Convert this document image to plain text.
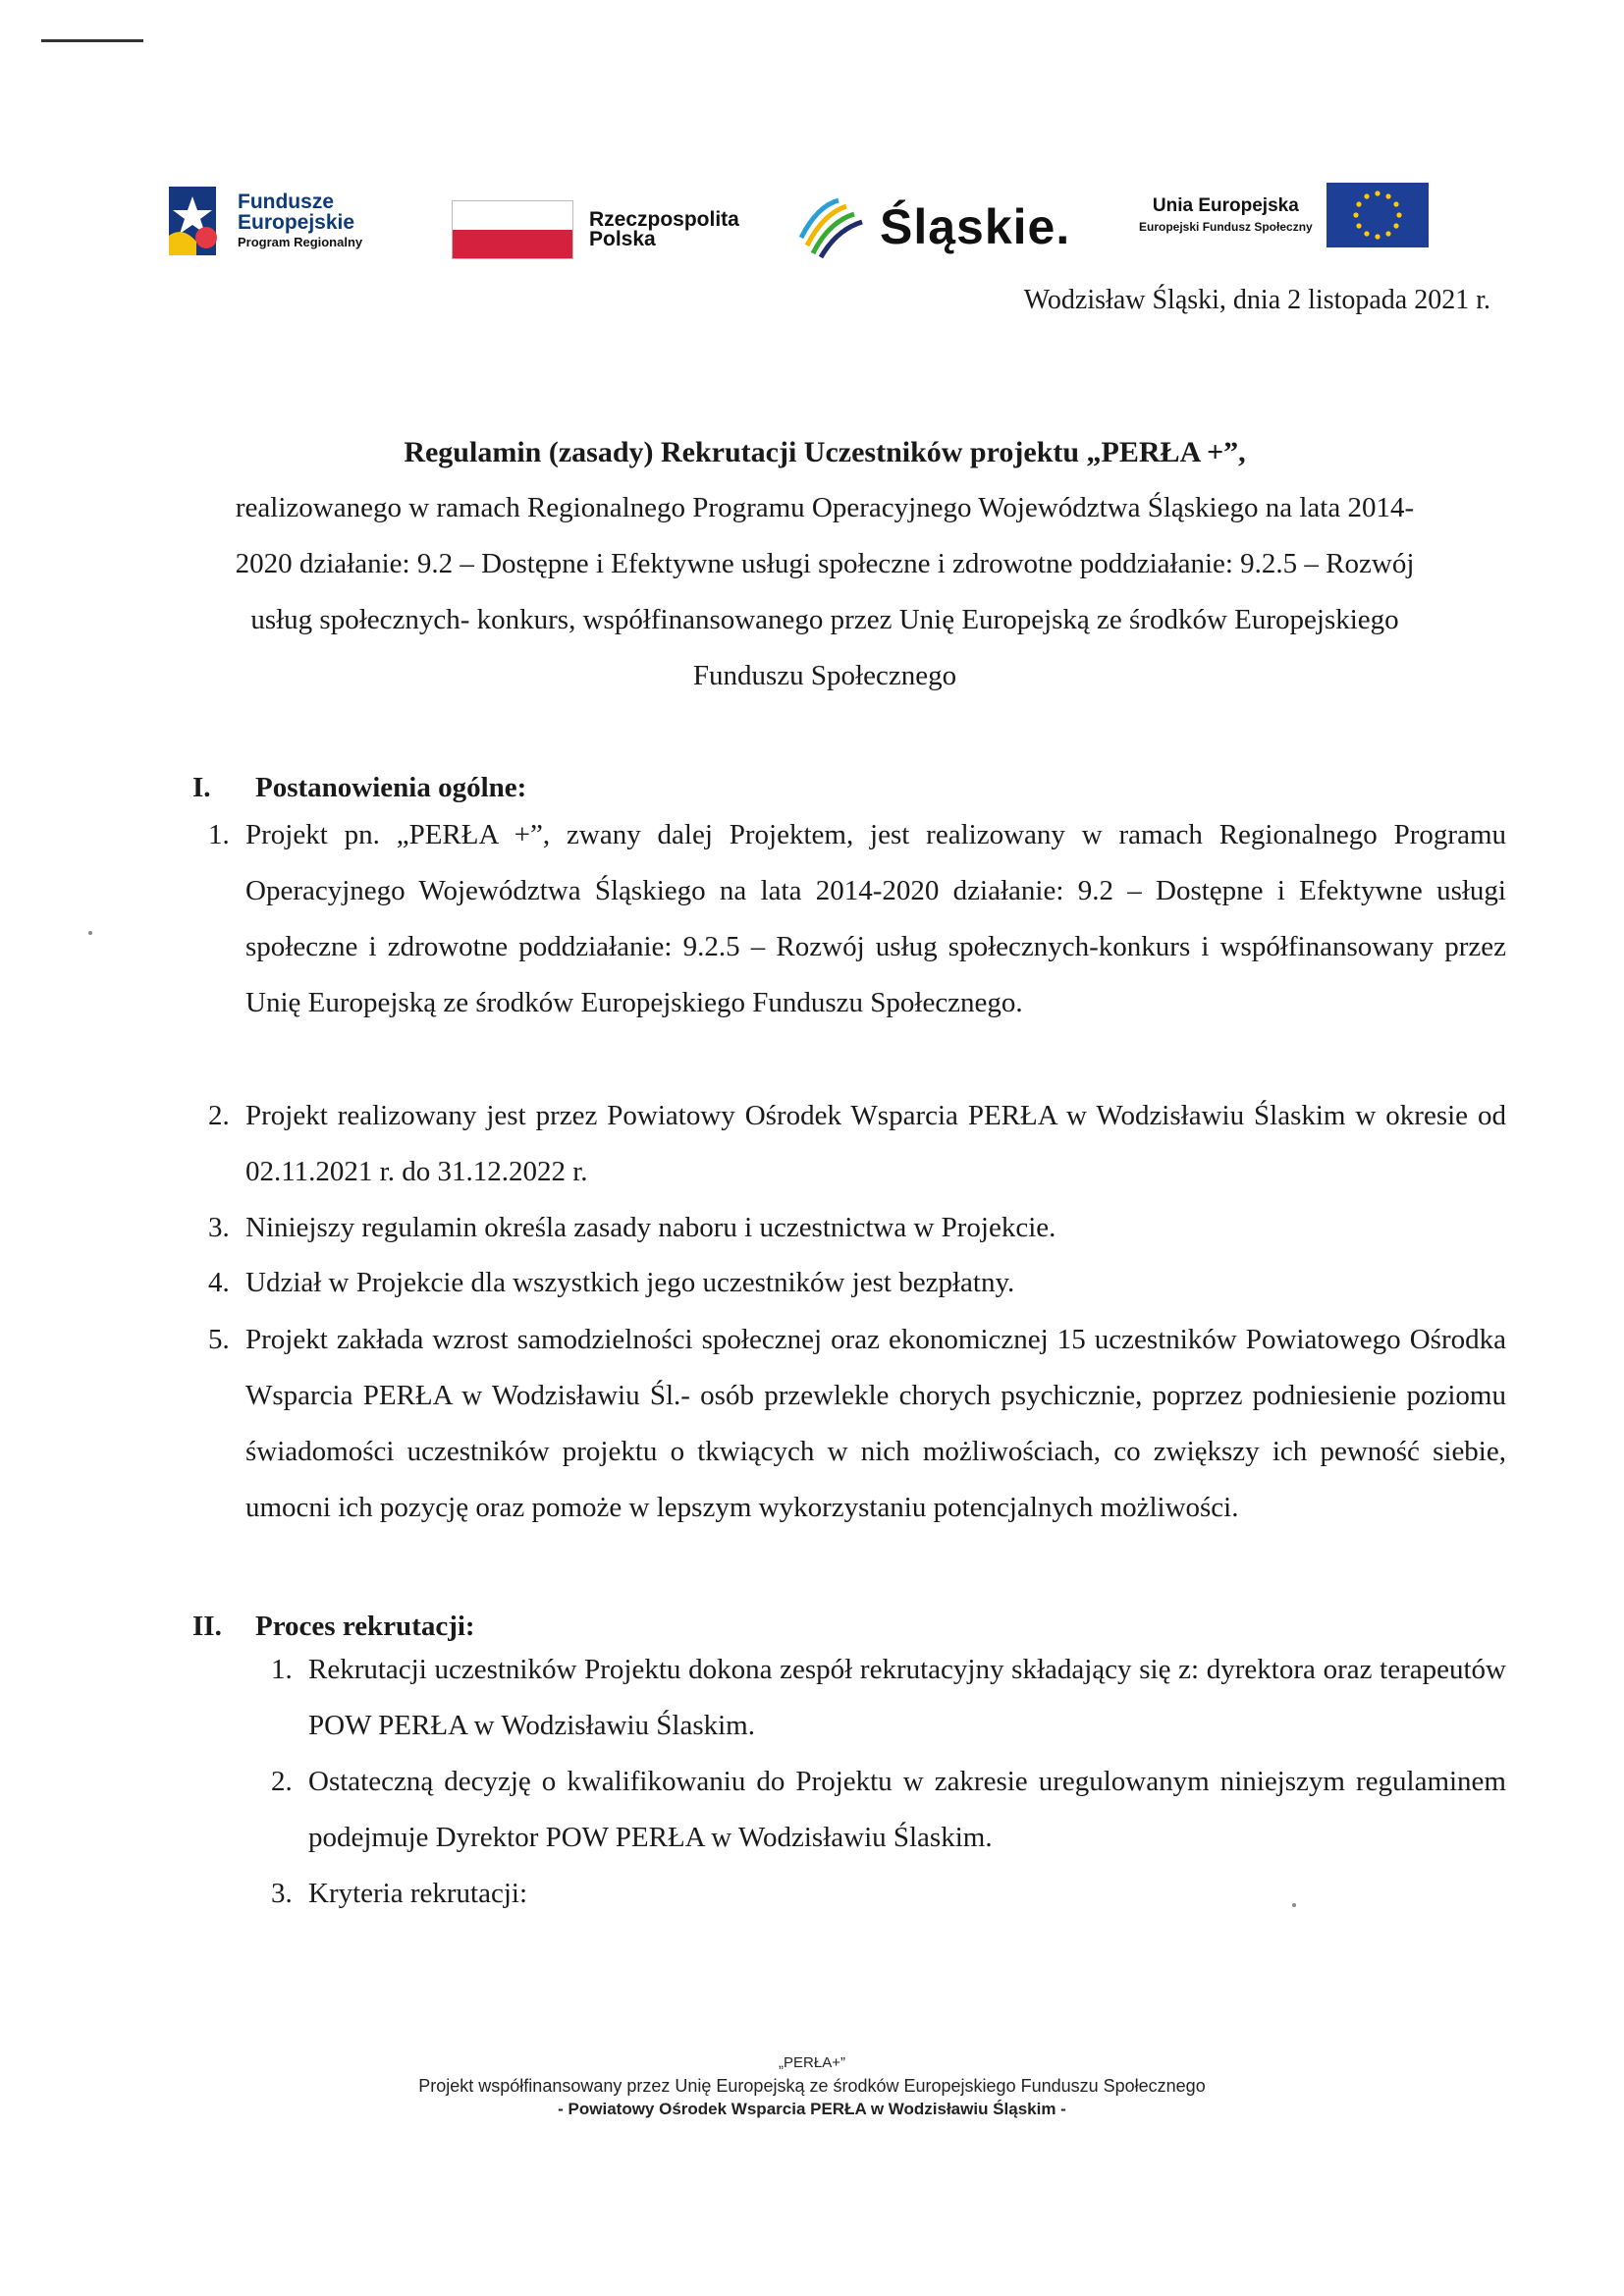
Fundusze
Europejskie
Program Regionalny
Rzeczpospolita
Polska	Śląskie.	Unia Europejska
Europejski Fundusz Społeczny
Wodzisław Śląski, dnia 2 listopada 2021 r.
Regulamin (zasady) Rekrutacji Uczestników projektu „PERŁA +”,
realizowanego w ramach Regionalnego Programu Operacyjnego Województwa Śląskiego na lata 2014-
2020 działanie: 9.2 – Dostępne i Efektywne usługi społeczne i zdrowotne poddziałanie: 9.2.5 – Rozwój
usług społecznych- konkurs, współfinansowanego przez Unię Europejską ze środków Europejskiego
Funduszu Społecznego
I.	Postanowienia ogólne:
1. Projekt pn. „PERŁA +”, zwany dalej Projektem, jest realizowany w ramach Regionalnego Programu Operacyjnego Województwa Śląskiego na lata 2014-2020 działanie: 9.2 – Dostępne i Efektywne usługi społeczne i zdrowotne poddziałanie: 9.2.5 – Rozwój usług społecznych-konkurs i współfinansowany przez Unię Europejską ze środków Europejskiego Funduszu Społecznego.
2. Projekt realizowany jest przez Powiatowy Ośrodek Wsparcia PERŁA w Wodzisławiu Ślaskim w okresie od 02.11.2021 r. do 31.12.2022 r.
3. Niniejszy regulamin określa zasady naboru i uczestnictwa w Projekcie.
4. Udział w Projekcie dla wszystkich jego uczestników jest bezpłatny.
5. Projekt zakłada wzrost samodzielności społecznej oraz ekonomicznej 15 uczestników Powiatowego Ośrodka Wsparcia PERŁA w Wodzisławiu Śl.- osób przewlekle chorych psychicznie, poprzez podniesienie poziomu świadomości uczestników projektu o tkwiących w nich możliwościach, co zwiększy ich pewność siebie, umocni ich pozycję oraz pomoże w lepszym wykorzystaniu potencjalnych możliwości.
II.	Proces rekrutacji:
1. Rekrutacji uczestników Projektu dokona zespół rekrutacyjny składający się z: dyrektora oraz terapeutów POW PERŁA w Wodzisławiu Ślaskim.
2. Ostateczną decyzję o kwalifikowaniu do Projektu w zakresie uregulowanym niniejszym regulaminem podejmuje Dyrektor POW PERŁA w Wodzisławiu Ślaskim.
3. Kryteria rekrutacji:
„PERŁA+”
Projekt współfinansowany przez Unię Europejską ze środków Europejskiego Funduszu Społecznego
- Powiatowy Ośrodek Wsparcia PERŁA w Wodzisławiu Śląskim -
